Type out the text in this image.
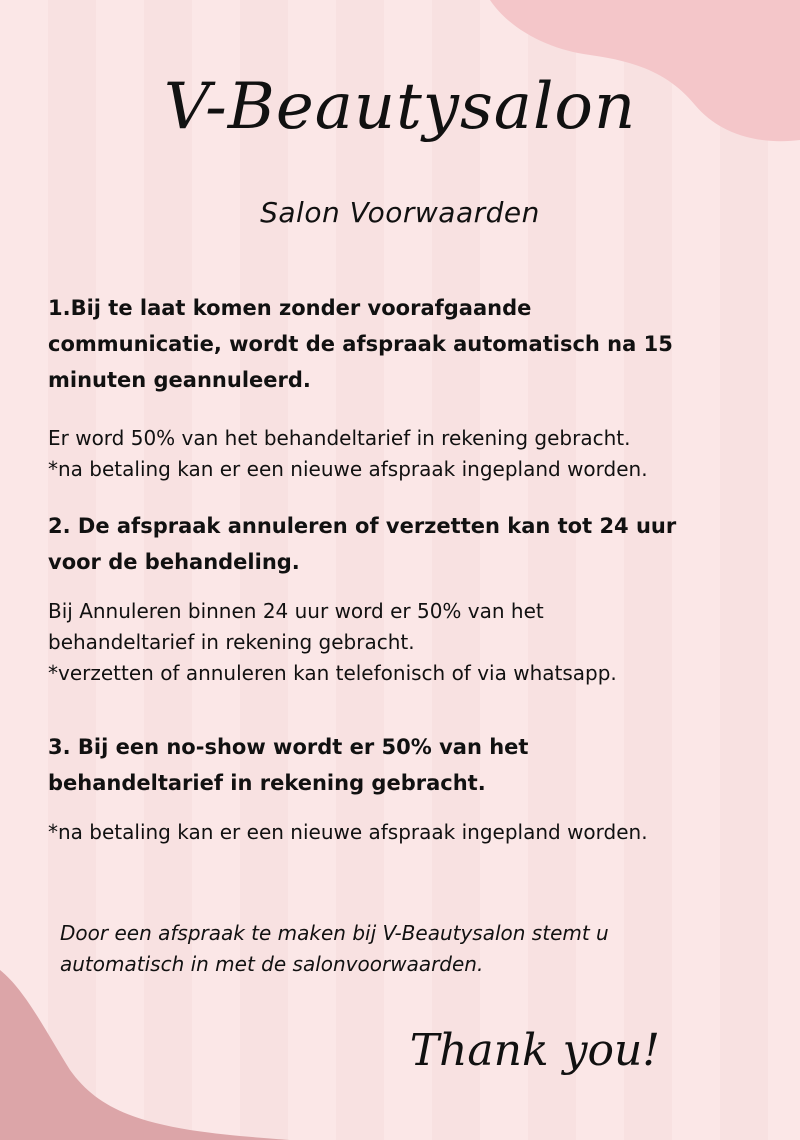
V-Beautysalon
Salon Voorwaarden
1.Bij te laat komen zonder voorafgaande
communicatie, wordt de afspraak automatisch na 15
minuten geannuleerd.
Er word 50% van het behandeltarief in rekening gebracht.
*na betaling kan er een nieuwe afspraak ingepland worden.
2. De afspraak annuleren of verzetten kan tot 24 uur
voor de behandeling.
Bij Annuleren binnen 24 uur word er 50% van het
behandeltarief in rekening gebracht.
*verzetten of annuleren kan telefonisch of via whatsapp.
3. Bij een no-show wordt er 50% van het
behandeltarief in rekening gebracht.
*na betaling kan er een nieuwe afspraak ingepland worden.

Door een afspraak te maken bij V-Beautysalon stemt u
automatisch in met de salonvoorwaarden.

Thank you!
